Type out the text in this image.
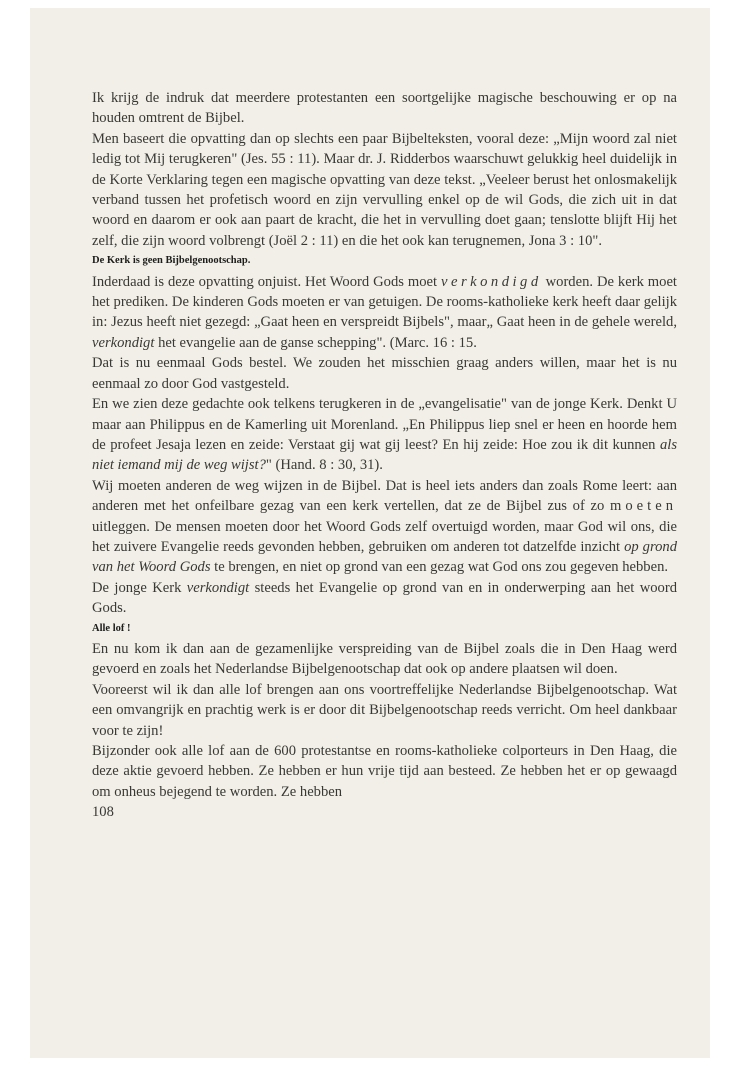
Ik krijg de indruk dat meerdere protestanten een soortgelijke magische beschouwing er op na houden omtrent de Bijbel.

Men baseert die opvatting dan op slechts een paar Bijbelteksten, vooral deze: „Mijn woord zal niet ledig tot Mij terugkeren" (Jes. 55 : 11). Maar dr. J. Ridderbos waarschuwt gelukkig heel duidelijk in de Korte Verklaring tegen een magische opvatting van deze tekst. „Veeleer berust het onlosmakelijk verband tussen het profetisch woord en zijn vervulling enkel op de wil Gods, die zich uit in dat woord en daarom er ook aan paart de kracht, die het in vervulling doet gaan; tenslotte blijft Hij het zelf, die zijn woord volbrengt (Joël 2 : 11) en die het ook kan terugnemen, Jona 3 : 10".

De Kerk is geen Bijbelgenootschap.

Inderdaad is deze opvatting onjuist. Het Woord Gods moet verkondigd worden. De kerk moet het prediken. De kinderen Gods moeten er van getuigen. De rooms-katholieke kerk heeft daar gelijk in: Jezus heeft niet gezegd: „Gaat heen en verspreidt Bijbels", maar„ Gaat heen in de gehele wereld, verkondigt het evangelie aan de ganse schepping". (Marc. 16 : 15.

Dat is nu eenmaal Gods bestel. We zouden het misschien graag anders willen, maar het is nu eenmaal zo door God vastgesteld.

En we zien deze gedachte ook telkens terugkeren in de „evangelisatie" van de jonge Kerk. Denkt U maar aan Philippus en de Kamerling uit Morenland. „En Philippus liep snel er heen en hoorde hem de profeet Jesaja lezen en zeide: Verstaat gij wat gij leest? En hij zeide: Hoe zou ik dit kunnen als niet iemand mij de weg wijst?" (Hand. 8 : 30, 31).

Wij moeten anderen de weg wijzen in de Bijbel. Dat is heel iets anders dan zoals Rome leert: aan anderen met het onfeilbare gezag van een kerk vertellen, dat ze de Bijbel zus of zo moeten uitleggen. De mensen moeten door het Woord Gods zelf overtuigd worden, maar God wil ons, die het zuivere Evangelie reeds gevonden hebben, gebruiken om anderen tot datzelfde inzicht op grond van het Woord Gods te brengen, en niet op grond van een gezag wat God ons zou gegeven hebben.

De jonge Kerk verkondigt steeds het Evangelie op grond van en in onderwerping aan het woord Gods.

Alle lof !

En nu kom ik dan aan de gezamenlijke verspreiding van de Bijbel zoals die in Den Haag werd gevoerd en zoals het Nederlandse Bijbelgenootschap dat ook op andere plaatsen wil doen.

Vooreerst wil ik dan alle lof brengen aan ons voortreffelijke Nederlandse Bijbelgenootschap. Wat een omvangrijk en prachtig werk is er door dit Bijbelgenootschap reeds verricht. Om heel dankbaar voor te zijn!

Bijzonder ook alle lof aan de 600 protestantse en rooms-katholieke colporteurs in Den Haag, die deze aktie gevoerd hebben. Ze hebben er hun vrije tijd aan besteed. Ze hebben het er op gewaagd om onheus bejegend te worden. Ze hebben

108
